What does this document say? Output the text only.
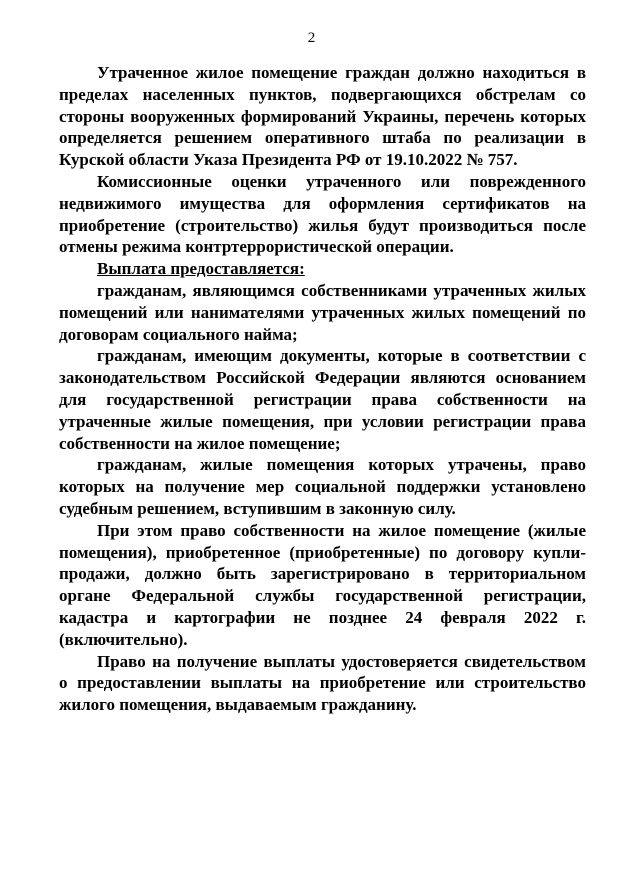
2

Утраченное жилое помещение граждан должно находиться в пределах населенных пунктов, подвергающихся обстрелам со стороны вооруженных формирований Украины, перечень которых определяется решением оперативного штаба по реализации в Курской области Указа Президента РФ от 19.10.2022 № 757.

Комиссионные оценки утраченного или поврежденного недвижимого имущества для оформления сертификатов на приобретение (строительство) жилья будут производиться после отмены режима контртеррористической операции.

Выплата предоставляется:

гражданам, являющимся собственниками утраченных жилых помещений или нанимателями утраченных жилых помещений по договорам социального найма;

гражданам, имеющим документы, которые в соответствии с законодательством Российской Федерации являются основанием для государственной регистрации права собственности на утраченные жилые помещения, при условии регистрации права собственности на жилое помещение;

гражданам, жилые помещения которых утрачены, право которых на получение мер социальной поддержки установлено судебным решением, вступившим в законную силу.

При этом право собственности на жилое помещение (жилые помещения), приобретенное (приобретенные) по договору купли-продажи, должно быть зарегистрировано в территориальном органе Федеральной службы государственной регистрации, кадастра и картографии не позднее 24 февраля 2022 г. (включительно).

Право на получение выплаты удостоверяется свидетельством о предоставлении выплаты на приобретение или строительство жилого помещения, выдаваемым гражданину.
